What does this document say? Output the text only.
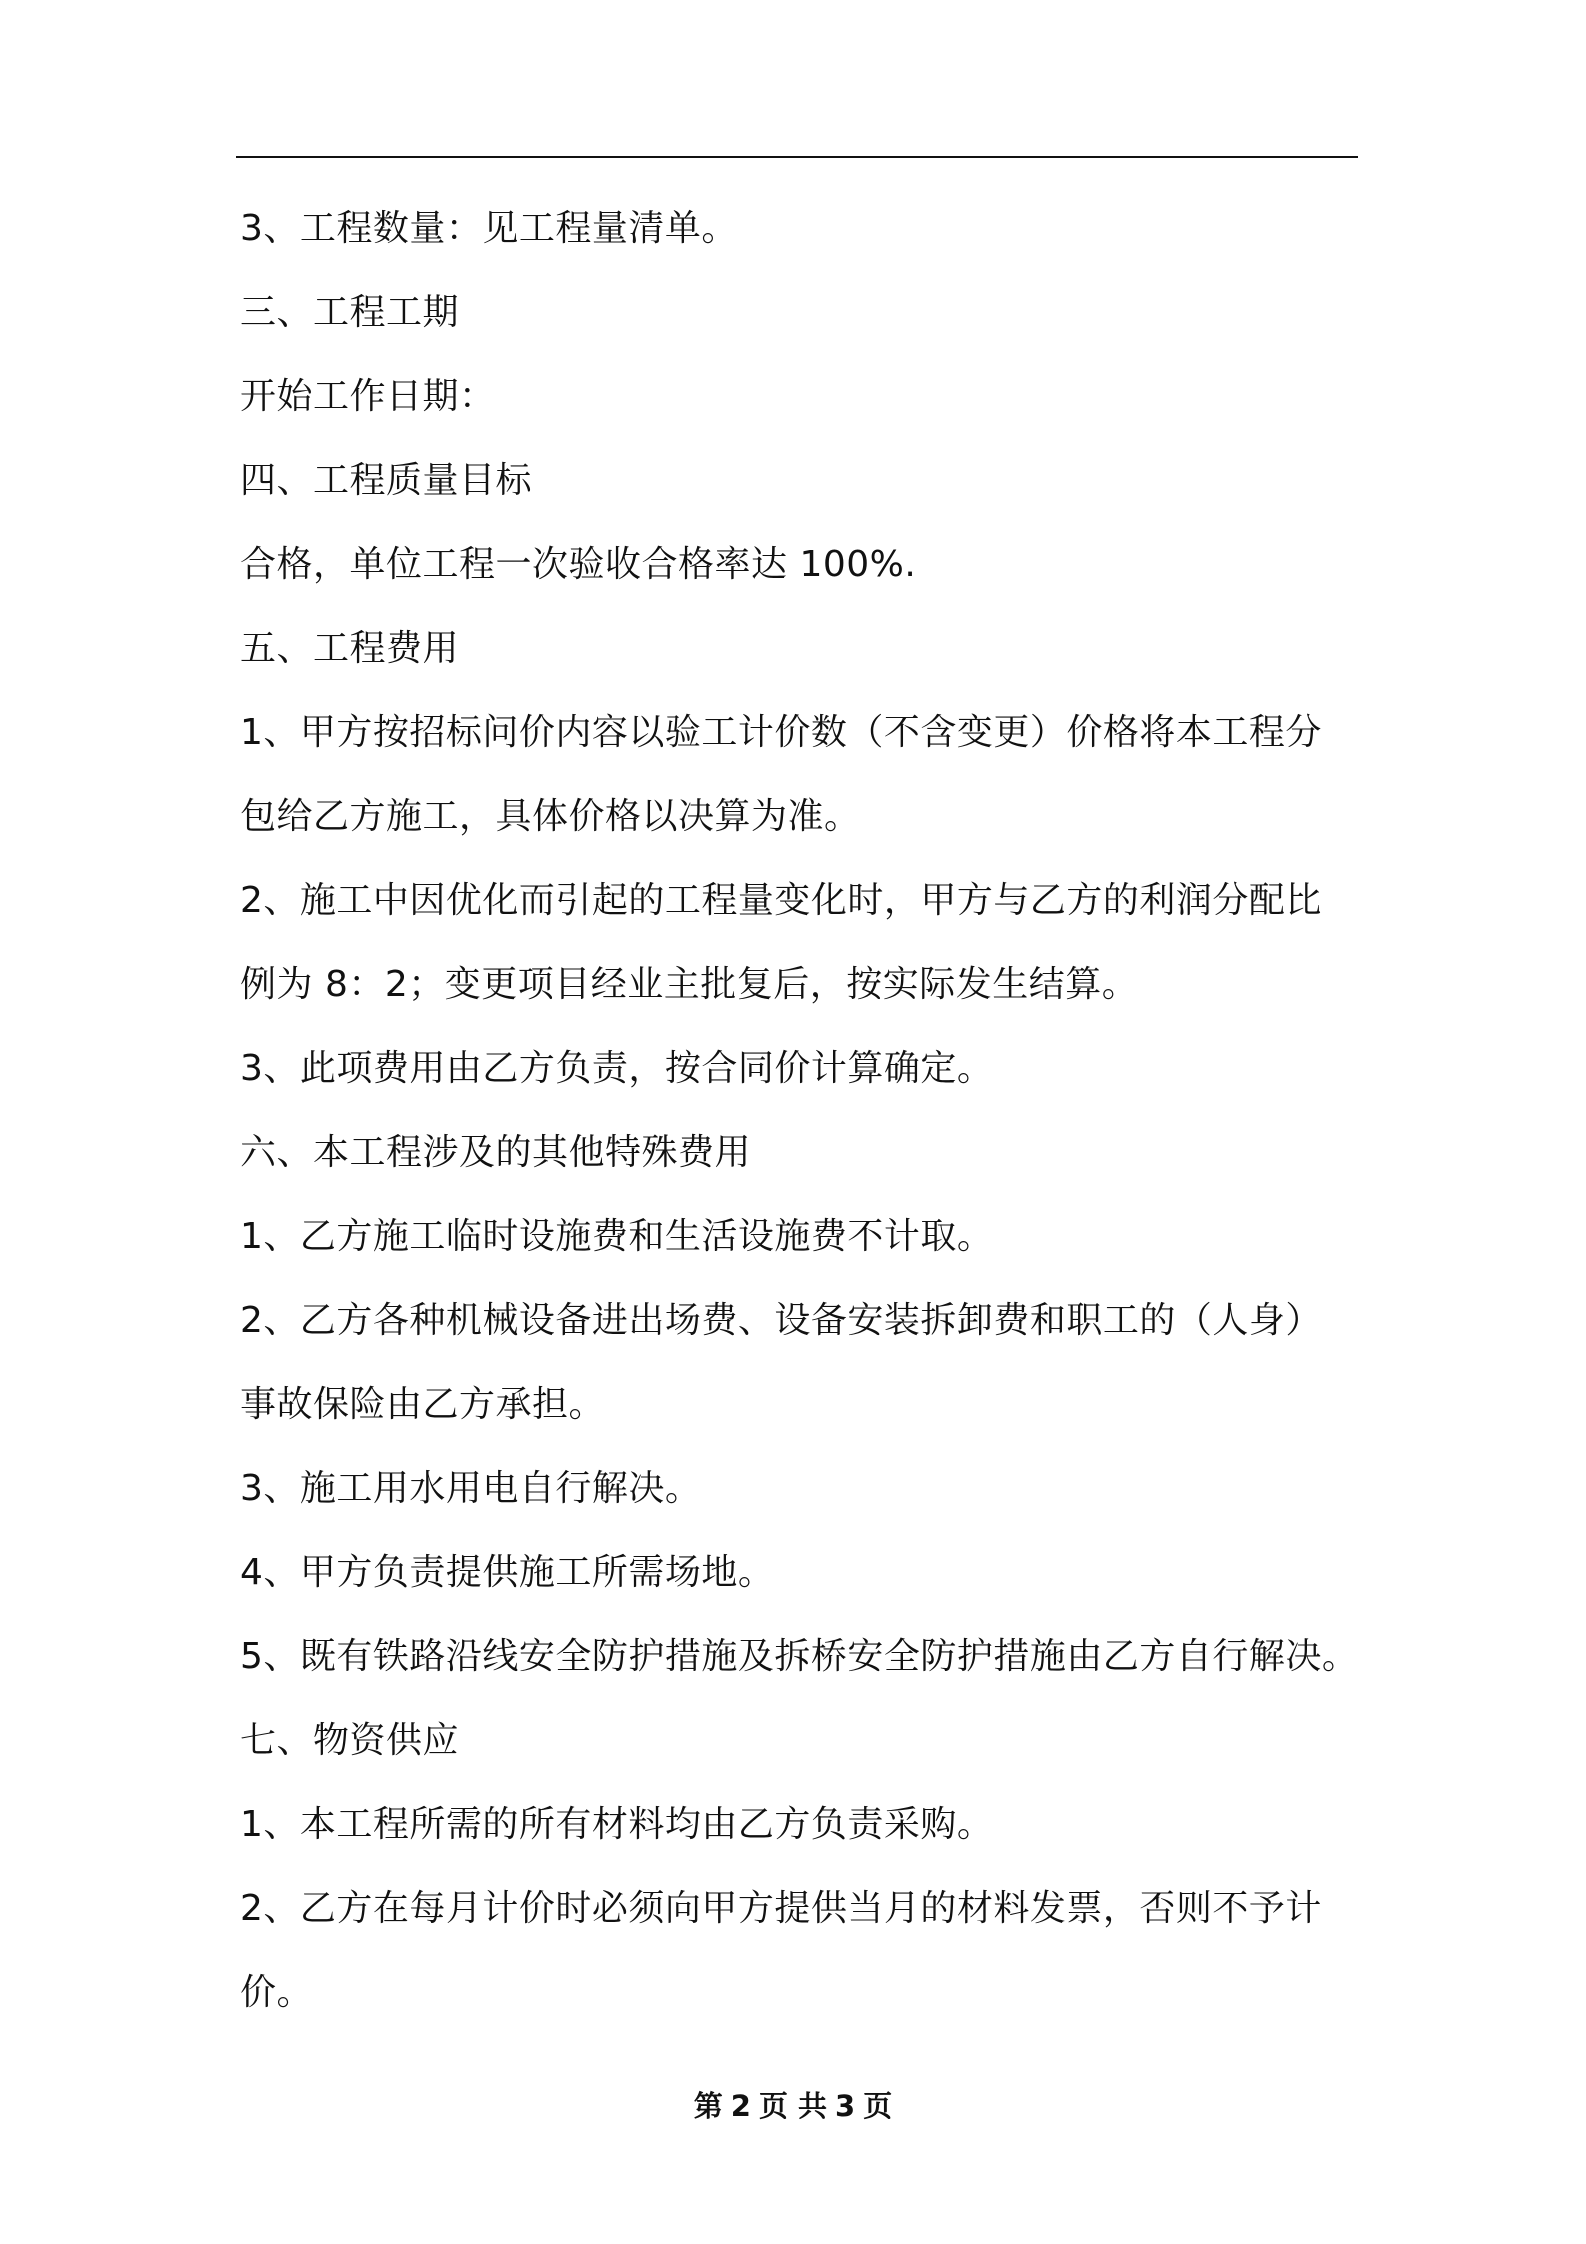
3、工程数量：见工程量清单。
三、工程工期
开始工作日期：
四、工程质量目标
合格，单位工程一次验收合格率达 100%.
五、工程费用
1、甲方按招标问价内容以验工计价数（不含变更）价格将本工程分
包给乙方施工，具体价格以决算为准。
2、施工中因优化而引起的工程量变化时，甲方与乙方的利润分配比
例为 8：2；变更项目经业主批复后，按实际发生结算。
3、此项费用由乙方负责，按合同价计算确定。
六、本工程涉及的其他特殊费用
1、乙方施工临时设施费和生活设施费不计取。
2、乙方各种机械设备进出场费、设备安装拆卸费和职工的（人身）
事故保险由乙方承担。
3、施工用水用电自行解决。
4、甲方负责提供施工所需场地。
5、既有铁路沿线安全防护措施及拆桥安全防护措施由乙方自行解决。
七、物资供应
1、本工程所需的所有材料均由乙方负责采购。
2、乙方在每月计价时必须向甲方提供当月的材料发票，否则不予计
价。
第 2 页 共 3 页
